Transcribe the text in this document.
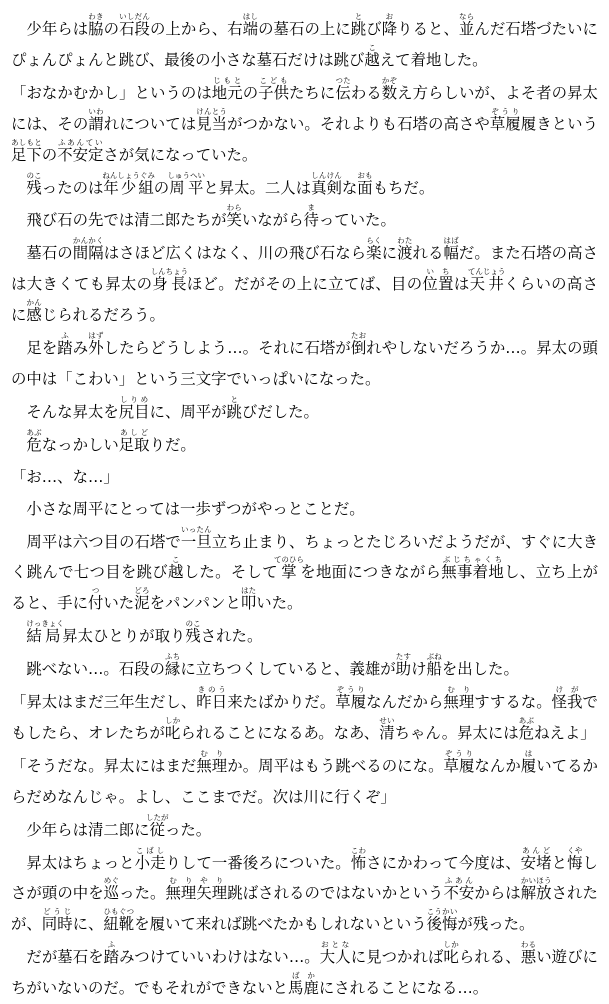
少年らは脇わきの石いし段だんの上から、右端はしの墓石の上に跳とび降おりると、並ならんだ石塔づたいにぴょんぴょんと跳び、最後の小さな墓石だけは跳び越こえて着地した。

「おなかむかし」というのは地元じもとの子供こどもたちに伝つたわる数かぞえ方らしいが、よそ者の昇太には、その謂いわれについては見当けんとうがつかない。それよりも石塔の高さや草履ぞうり履きという足下あしもとの不安定ふあんていさが気になっていた。

残のこったのは年少組ねんしょうぐみの周平しゅうへいと昇太。二人は真剣しんけんな面おももちだ。

飛び石の先では清二郎たちが笑わらいながら待まっていた。

墓石の間隔かんかくはさほど広くはなく、川の飛び石なら楽らくに渡わたれる幅はばだ。また石塔の高さは大きくても昇太の身長しんちょうほど。だがその上に立てば、目の位置いちは天井てんじょうくらいの高さに感かんじられるだろう。

足を踏ふみ外はずしたらどうしよう…。それに石塔が倒たおれやしないだろうか…。昇太の頭の中は「こわい」という三文字でいっぱいになった。

そんな昇太を尻目しりめに、周平が跳とびだした。

危あぶなっかしい足取あしどりだ。

「お…、な…」

小さな周平にとっては一歩ずつがやっとことだ。

周平は六つ目の石塔で一旦いったん立ち止まり、ちょっとたじろいだようだが、すぐに大きく跳んで七つ目を跳び越こした。そして掌てのひらを地面につきながら無事着地ぶじちゃくちし、立ち上がると、手に付ついた泥どろをパンパンと叩はたいた。

結局けっきょく昇太ひとりが取り残のこされた。

跳べない…。石段の縁ふちに立ちつくしていると、義雄が助たすけ船ぶねを出した。

「昇太はまだ三年生だし、昨日きのう来たばかりだ。草履ぞうりなんだから無理むりすするな。怪我けがでもしたら、オレたちが叱しかられることになるあ。なあ、清せいちゃん。昇太には危あぶねえよ」

「そうだな。昇太にはまだ無理むりか。周平はもう跳べるのにな。草履ぞうりなんか履はいてるからだめなんじゃ。よし、ここまでだ。次は川に行くぞ」

少年らは清二郎に従したがった。

昇太はちょっと小走こばしりして一番後ろについた。怖こわさにかわって今度は、安堵あんどと悔くやしさが頭の中を巡めぐった。無理矢理むりやり跳ばされるのではないかという不安ふあんからは解放かいほうされたが、同時どうじに、紐靴ひもぐつを履いて来れば跳べたかもしれないという後悔こうかいが残った。

だが墓石を踏ふみつけていいわけはない…。大人おとなに見つかれば叱しかられる、悪わるい遊びにちがいないのだ。でもそれができないと馬鹿ばかにされることになる…。
